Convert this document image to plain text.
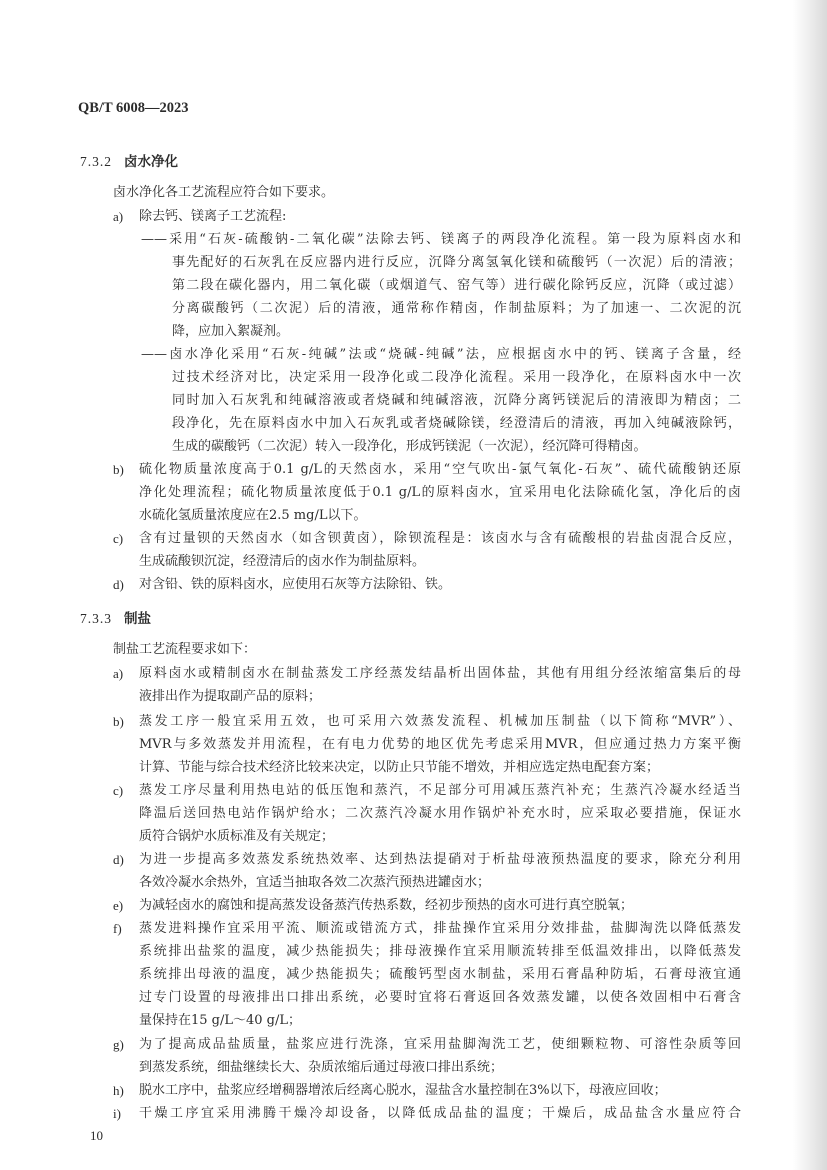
QB/T 6008—2023
7.3.2 卤水净化
卤水净化各工艺流程应符合如下要求。
a) 除去钙、镁离子工艺流程:
——采用“石灰-硫酸钠-二氧化碳”法除去钙、镁离子的两段净化流程。第一段为原料卤水和
事先配好的石灰乳在反应器内进行反应，沉降分离氢氧化镁和硫酸钙（一次泥）后的清液；
第二段在碳化器内，用二氧化碳（或烟道气、窑气等）进行碳化除钙反应，沉降（或过滤）
分离碳酸钙（二次泥）后的清液，通常称作精卤，作制盐原料；为了加速一、二次泥的沉
降，应加入絮凝剂。
——卤水净化采用“石灰-纯碱”法或“烧碱-纯碱”法，应根据卤水中的钙、镁离子含量，经
过技术经济对比，决定采用一段净化或二段净化流程。采用一段净化，在原料卤水中一次
同时加入石灰乳和纯碱溶液或者烧碱和纯碱溶液，沉降分离钙镁泥后的清液即为精卤；二
段净化，先在原料卤水中加入石灰乳或者烧碱除镁，经澄清后的清液，再加入纯碱液除钙，
生成的碳酸钙（二次泥）转入一段净化，形成钙镁泥（一次泥），经沉降可得精卤。
b) 硫化物质量浓度高于0.1 g/L的天然卤水，采用“空气吹出-氯气氧化-石灰”、硫代硫酸钠还原
净化处理流程；硫化物质量浓度低于0.1 g/L的原料卤水，宜采用电化法除硫化氢，净化后的卤
水硫化氢质量浓度应在2.5 mg/L以下。
c) 含有过量钡的天然卤水（如含钡黄卤），除钡流程是：该卤水与含有硫酸根的岩盐卤混合反应，
生成硫酸钡沉淀，经澄清后的卤水作为制盐原料。
d) 对含铅、铁的原料卤水，应使用石灰等方法除铅、铁。
7.3.3 制盐
制盐工艺流程要求如下：
a) 原料卤水或精制卤水在制盐蒸发工序经蒸发结晶析出固体盐，其他有用组分经浓缩富集后的母
液排出作为提取副产品的原料；
b) 蒸发工序一般宜采用五效，也可采用六效蒸发流程、机械加压制盐（以下简称“MVR”）、
MVR与多效蒸发并用流程，在有电力优势的地区优先考虑采用MVR，但应通过热力方案平衡
计算、节能与综合技术经济比较来决定，以防止只节能不增效，并相应选定热电配套方案；
c) 蒸发工序尽量利用热电站的低压饱和蒸汽，不足部分可用减压蒸汽补充；生蒸汽冷凝水经适当
降温后送回热电站作锅炉给水；二次蒸汽冷凝水用作锅炉补充水时，应采取必要措施，保证水
质符合锅炉水质标准及有关规定；
d) 为进一步提高多效蒸发系统热效率、达到热法提硝对于析盐母液预热温度的要求，除充分利用
各效冷凝水余热外，宜适当抽取各效二次蒸汽预热进罐卤水；
e) 为减轻卤水的腐蚀和提高蒸发设备蒸汽传热系数，经初步预热的卤水可进行真空脱氧；
f) 蒸发进料操作宜采用平流、顺流或错流方式，排盐操作宜采用分效排盐，盐脚淘洗以降低蒸发
系统排出盐浆的温度，减少热能损失；排母液操作宜采用顺流转排至低温效排出，以降低蒸发
系统排出母液的温度，减少热能损失；硫酸钙型卤水制盐，采用石膏晶种防垢，石膏母液宜通
过专门设置的母液排出口排出系统，必要时宜将石膏返回各效蒸发罐，以使各效固相中石膏含
量保持在15 g/L～40 g/L；
g) 为了提高成品盐质量，盐浆应进行洗涤，宜采用盐脚淘洗工艺，使细颗粒物、可溶性杂质等回
到蒸发系统，细盐继续长大、杂质浓缩后通过母液口排出系统；
h) 脱水工序中，盐浆应经增稠器增浓后经离心脱水，湿盐含水量控制在3%以下，母液应回收；
i) 干燥工序宜采用沸腾干燥冷却设备，以降低成品盐的温度；干燥后，成品盐含水量应符合
10
